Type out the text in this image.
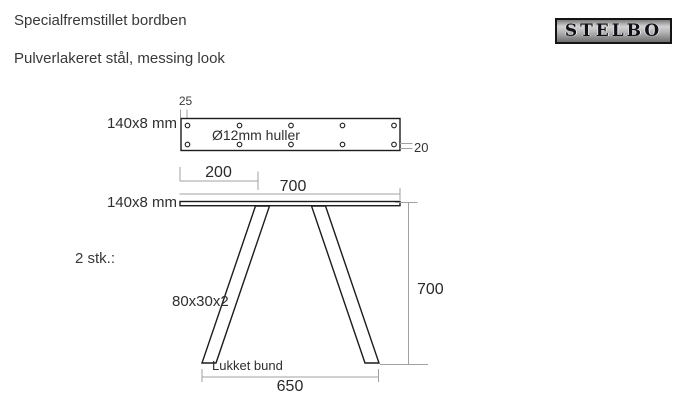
Specialfremstillet bordben
Pulverlakeret stål, messing look
STELBO
140x8 mm
25
Ø12mm huller
20
200
700
140x8 mm
2 stk.:
80x30x2
700
Lukket bund
650
